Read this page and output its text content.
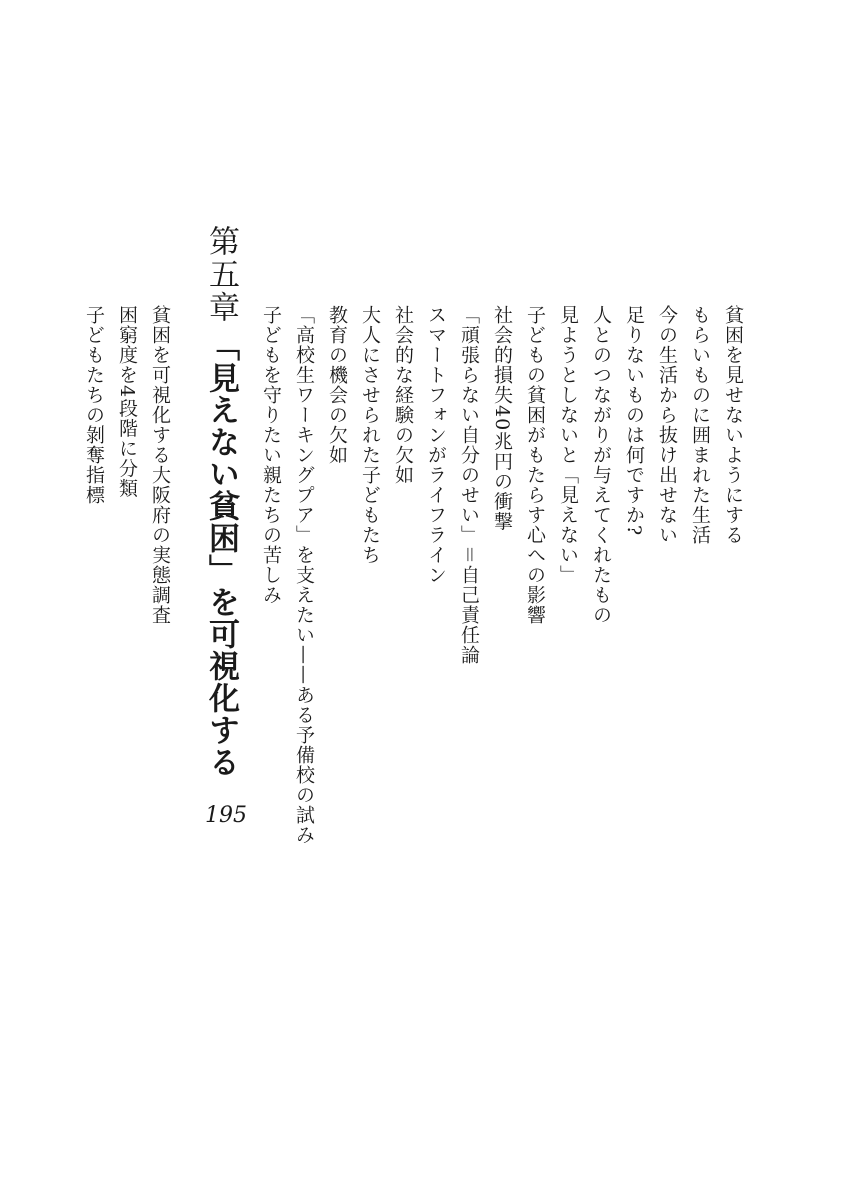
貧困を見せないようにする
もらいものに囲まれた生活
今の生活から抜け出せない
足りないものは何ですか?
人とのつながりが与えてくれたもの
見ようとしないと「見えない」
子どもの貧困がもたらす心への影響
社会的損失40兆円の衝撃
「頑張らない自分のせい」＝自己責任論
スマートフォンがライフライン
社会的な経験の欠如
大人にさせられた子どもたち
教育の機会の欠如
「高校生ワーキングプア」を支えたい——ある予備校の試み
子どもを守りたい親たちの苦しみ
第五章
「見えない貧困」を可視化する
195
貧困を可視化する大阪府の実態調査
困窮度を4段階に分類
子どもたちの剝奪指標
